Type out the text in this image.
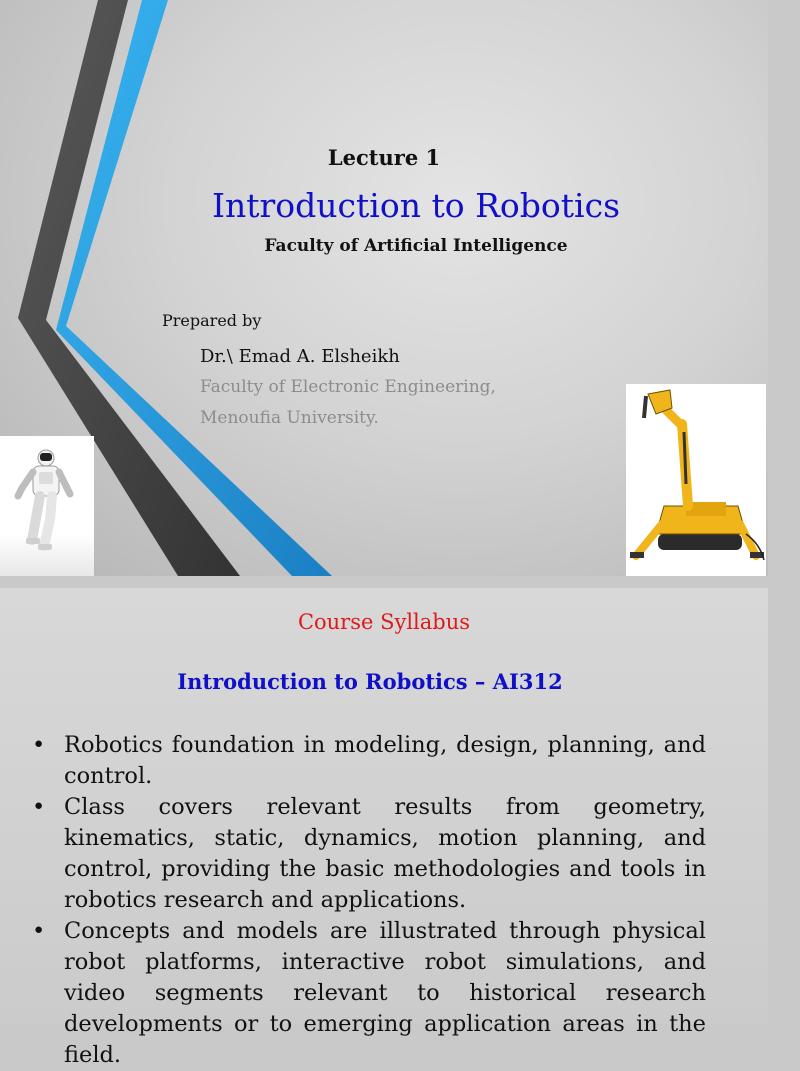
Lecture 1

Introduction to Robotics

Faculty of Artificial Intelligence

Prepared by

Dr.\ Emad A. Elsheikh

Faculty of Electronic Engineering,

Menoufia University.

Course Syllabus

Introduction to Robotics – AI312

• Robotics foundation in modeling, design, planning, and control.
• Class covers relevant results from geometry, kinematics, static, dynamics, motion planning, and control, providing the basic methodologies and tools in robotics research and applications.
• Concepts and models are illustrated through physical robot platforms, interactive robot simulations, and video segments relevant to historical research developments or to emerging application areas in the field.
